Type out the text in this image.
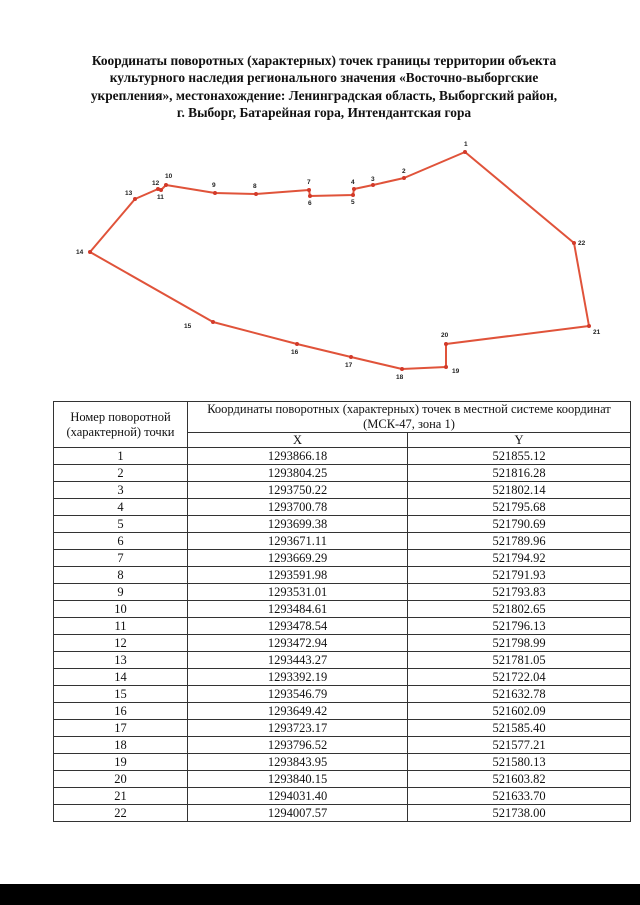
Координаты поворотных (характерных) точек границы территории объекта
культурного наследия регионального значения «Восточно-выборгские
укрепления», местонахождение: Ленинградская область, Выборгский район,
г. Выборг, Батарейная гора, Интендантская гора
1
2
3
4
5
6
7
8
9
10
11
12
13
14
15
16
17
18
19
20	21
22
Номер поворотной (характерной) точки	Координаты поворотных (характерных) точек в местной системе координат (МСК-47, зона 1)	
	X	Y
1	1293866.18	521855.12
2	1293804.25	521816.28
3	1293750.22	521802.14
4	1293700.78	521795.68
5	1293699.38	521790.69
6	1293671.11	521789.96
7	1293669.29	521794.92
8	1293591.98	521791.93
9	1293531.01	521793.83
10	1293484.61	521802.65
11	1293478.54	521796.13
12	1293472.94	521798.99
13	1293443.27	521781.05
14	1293392.19	521722.04
15	1293546.79	521632.78
16	1293649.42	521602.09
17	1293723.17	521585.40
18	1293796.52	521577.21
19	1293843.95	521580.13
20	1293840.15	521603.82
21	1294031.40	521633.70
22	1294007.57	521738.00
